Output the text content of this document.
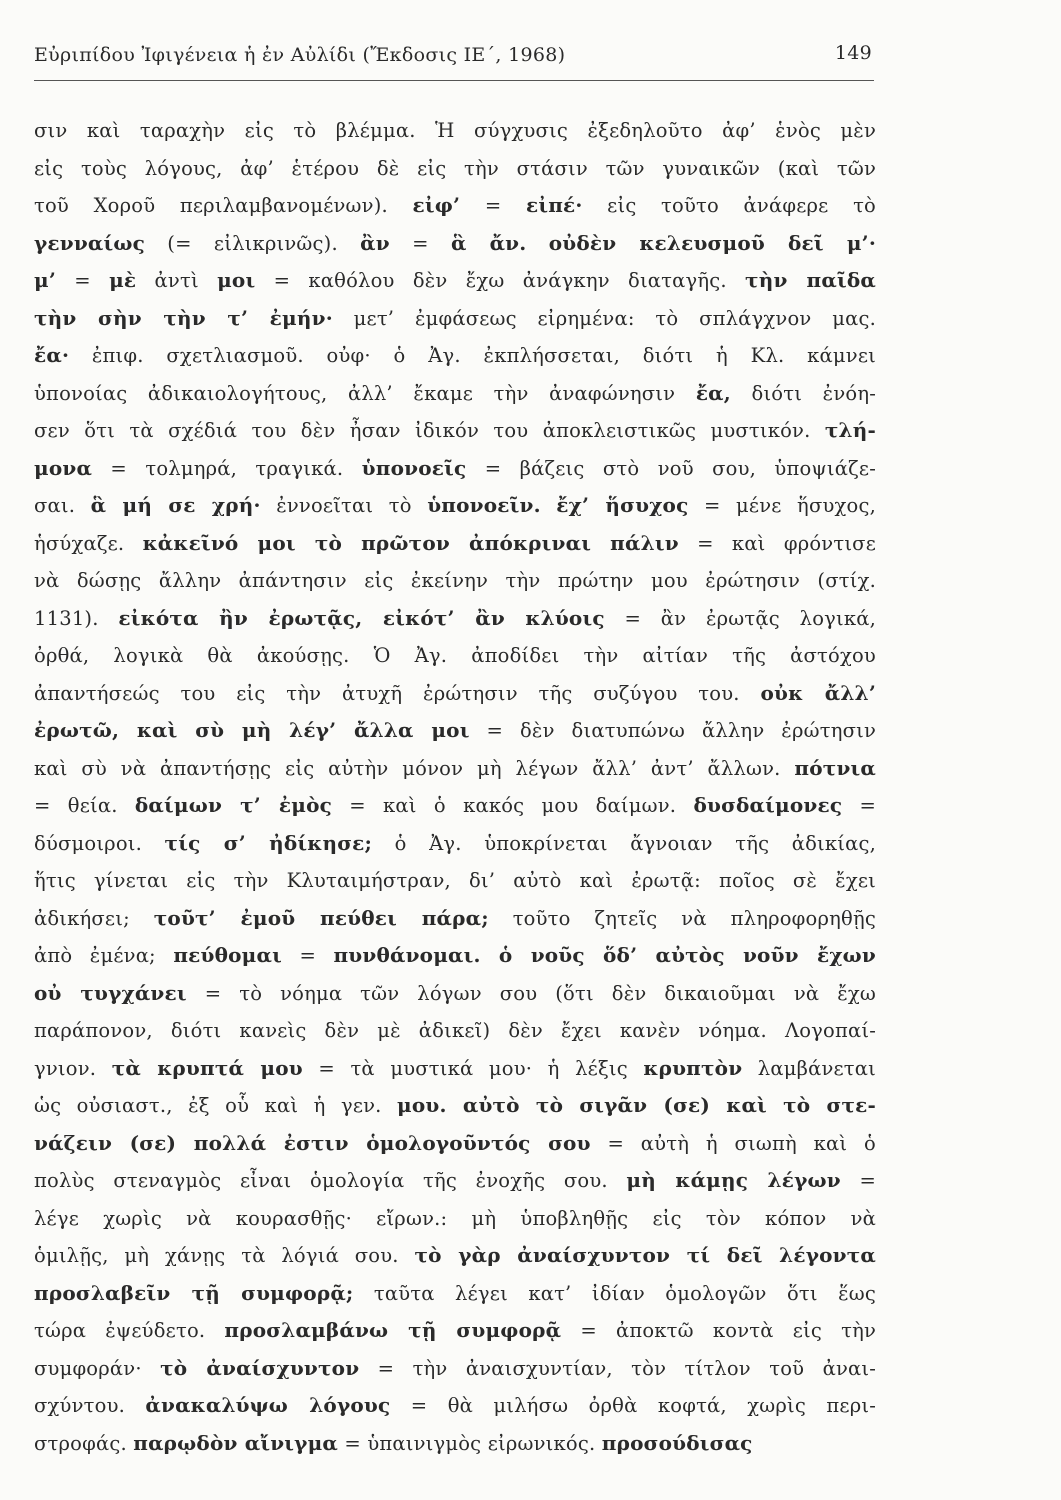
Εὐριπίδου Ἰφιγένεια ἡ ἐν Αὐλίδι (Ἔκδοσις ΙΕ΄, 1968)	149
σιν καὶ ταραχὴν εἰς τὸ βλέμμα. Ἡ σύγχυσις ἐξεδηλοῦτο ἀφ’ ἑνὸς μὲν
εἰς τοὺς λόγους, ἀφ’ ἑτέρου δὲ εἰς τὴν στάσιν τῶν γυναικῶν (καὶ τῶν
τοῦ Χοροῦ περιλαμβανομένων). εἰφ’ = εἰπέ· εἰς τοῦτο ἀνάφερε τὸ
γενναίως (= εἰλικρινῶς). ἂν = ἃ ἄν. οὐδὲν κελευσμοῦ δεῖ μ’·
μ’ = μὲ ἀντὶ μοι = καθόλου δὲν ἔχω ἀνάγκην διαταγῆς. τὴν παῖδα
τὴν σὴν τὴν τ’ ἐμήν· μετ’ ἐμφάσεως εἰρημένα: τὸ σπλάγχνον μας.
ἔα· ἐπιφ. σχετλιασμοῦ. οὐφ· ὁ Ἀγ. ἐκπλήσσεται, διότι ἡ Κλ. κάμνει
ὑπονοίας ἀδικαιολογήτους, ἀλλ’ ἔκαμε τὴν ἀναφώνησιν ἔα, διότι ἐνόη-
σεν ὅτι τὰ σχέδιά του δὲν ἦσαν ἰδικόν του ἀποκλειστικῶς μυστικόν. τλή-
μονα = τολμηρά, τραγικά. ὑπονοεῖς = βάζεις στὸ νοῦ σου, ὑποψιάζε-
σαι. ἃ μή σε χρή· ἐννοεῖται τὸ ὑπονοεῖν. ἔχ’ ἥσυχος = μένε ἥσυχος,
ἡσύχαζε. κἀκεῖνό μοι τὸ πρῶτον ἀπόκριναι πάλιν = καὶ φρόντισε
νὰ δώσῃς ἄλλην ἀπάντησιν εἰς ἐκείνην τὴν πρώτην μου ἐρώτησιν (στίχ.
1131). εἰκότα ἢν ἐρωτᾷς, εἰκότ’ ἂν κλύοις = ἂν ἐρωτᾷς λογικά,
ὀρθά, λογικὰ θὰ ἀκούσῃς. Ὁ Ἀγ. ἀποδίδει τὴν αἰτίαν τῆς ἀστόχου
ἀπαντήσεώς του εἰς τὴν ἀτυχῆ ἐρώτησιν τῆς συζύγου του. οὐκ ἄλλ’
ἐρωτῶ, καὶ σὺ μὴ λέγ’ ἄλλα μοι = δὲν διατυπώνω ἄλλην ἐρώτησιν
καὶ σὺ νὰ ἀπαντήσῃς εἰς αὐτὴν μόνον μὴ λέγων ἄλλ’ ἀντ’ ἄλλων. πότνια
= θεία. δαίμων τ’ ἐμὸς = καὶ ὁ κακός μου δαίμων. δυσδαίμονες =
δύσμοιροι. τίς σ’ ἠδίκησε; ὁ Ἀγ. ὑποκρίνεται ἄγνοιαν τῆς ἀδικίας,
ἥτις γίνεται εἰς τὴν Κλυταιμήστραν, δι’ αὐτὸ καὶ ἐρωτᾷ: ποῖος σὲ ἔχει
ἀδικήσει; τοῦτ’ ἐμοῦ πεύθει πάρα; τοῦτο ζητεῖς νὰ πληροφορηθῇς
ἀπὸ ἐμένα; πεύθομαι = πυνθάνομαι. ὁ νοῦς ὅδ’ αὐτὸς νοῦν ἔχων
οὐ τυγχάνει = τὸ νόημα τῶν λόγων σου (ὅτι δὲν δικαιοῦμαι νὰ ἔχω
παράπονον, διότι κανεὶς δὲν μὲ ἀδικεῖ) δὲν ἔχει κανὲν νόημα. Λογοπαί-
γνιον. τὰ κρυπτά μου = τὰ μυστικά μου· ἡ λέξις κρυπτὸν λαμβάνεται
ὡς οὐσιαστ., ἐξ οὗ καὶ ἡ γεν. μου. αὐτὸ τὸ σιγᾶν (σε) καὶ τὸ στε-
νάζειν (σε) πολλά ἐστιν ὁμολογοῦντός σου = αὐτὴ ἡ σιωπὴ καὶ ὁ
πολὺς στεναγμὸς εἶναι ὁμολογία τῆς ἐνοχῆς σου. μὴ κάμῃς λέγων =
λέγε χωρὶς νὰ κουρασθῇς· εἴρων.: μὴ ὑποβληθῇς εἰς τὸν κόπον νὰ
ὁμιλῇς, μὴ χάνῃς τὰ λόγιά σου. τὸ γὰρ ἀναίσχυντον τί δεῖ λέγοντα
προσλαβεῖν τῇ συμφορᾷ; ταῦτα λέγει κατ’ ἰδίαν ὁμολογῶν ὅτι ἕως
τώρα ἐψεύδετο. προσλαμβάνω τῇ συμφορᾷ = ἀποκτῶ κοντὰ εἰς τὴν
συμφοράν· τὸ ἀναίσχυντον = τὴν ἀναισχυντίαν, τὸν τίτλον τοῦ ἀναι-
σχύντου. ἀνακαλύψω λόγους = θὰ μιλήσω ὀρθὰ κοφτά, χωρὶς περι-
στροφάς. παρῳδὸν αἴνιγμα = ὑπαινιγμὸς εἰρωνικός. προσούδισας
